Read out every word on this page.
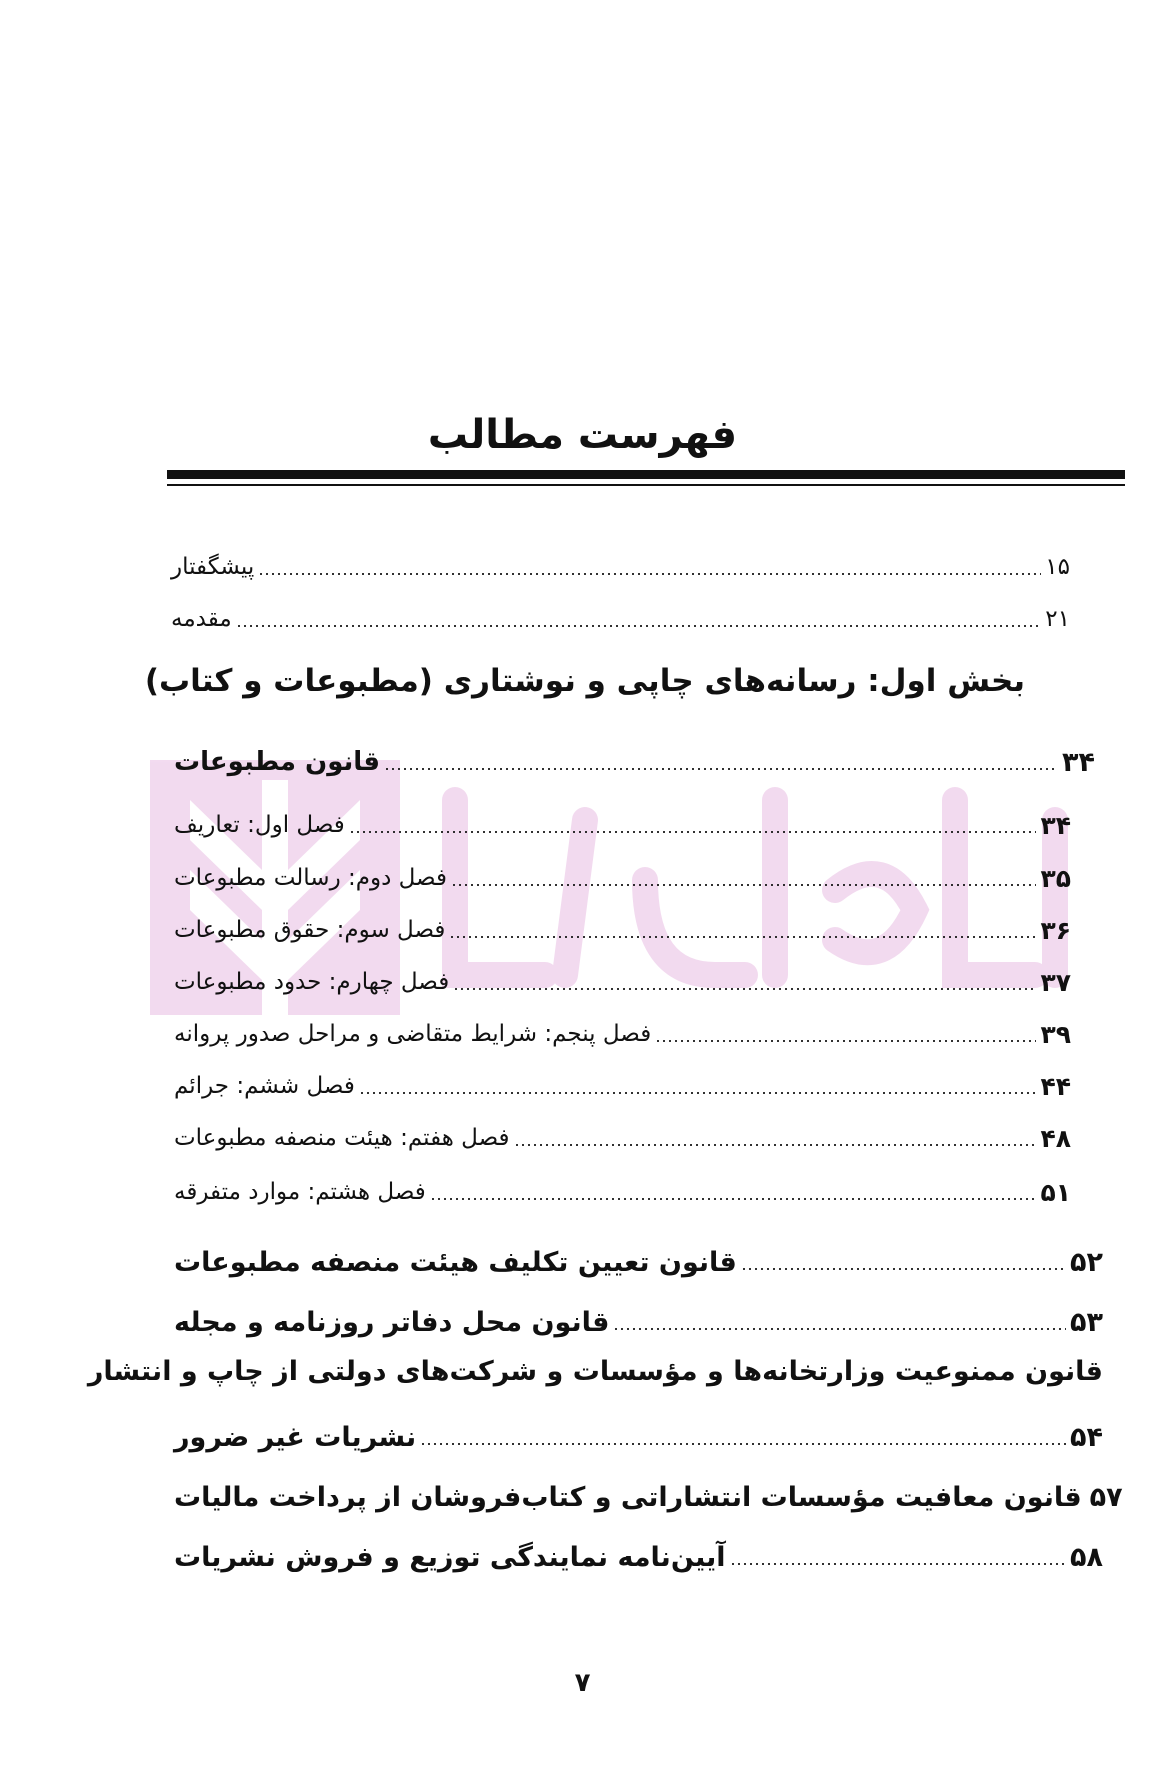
فهرست مطالب
پیشگفتار	۱۵
مقدمه	۲۱
بخش اول: رسانه‌های چاپی و نوشتاری (مطبوعات و کتاب)
قانون مطبوعات	۳۴
فصل اول: تعاریف	۳۴
فصل دوم: رسالت مطبوعات	۳۵
فصل سوم: حقوق مطبوعات	۳۶
فصل چهارم: حدود مطبوعات	۳۷
فصل پنجم: شرایط متقاضی و مراحل صدور پروانه	۳۹
فصل ششم: جرائم	۴۴
فصل هفتم: هیئت منصفه مطبوعات	۴۸
فصل هشتم: موارد متفرقه	۵۱
قانون تعیین تکلیف هیئت منصفه مطبوعات	۵۲
قانون محل دفاتر روزنامه و مجله	۵۳
قانون ممنوعیت وزارتخانه‌ها و مؤسسات و شرکت‌های دولتی از چاپ و انتشار
نشریات غیر ضرور	۵۴
قانون معافیت مؤسسات انتشاراتی و کتاب‌فروشان از پرداخت مالیات ۵۷
آیین‌نامه نمایندگی توزیع و فروش نشریات	۵۸
۷
